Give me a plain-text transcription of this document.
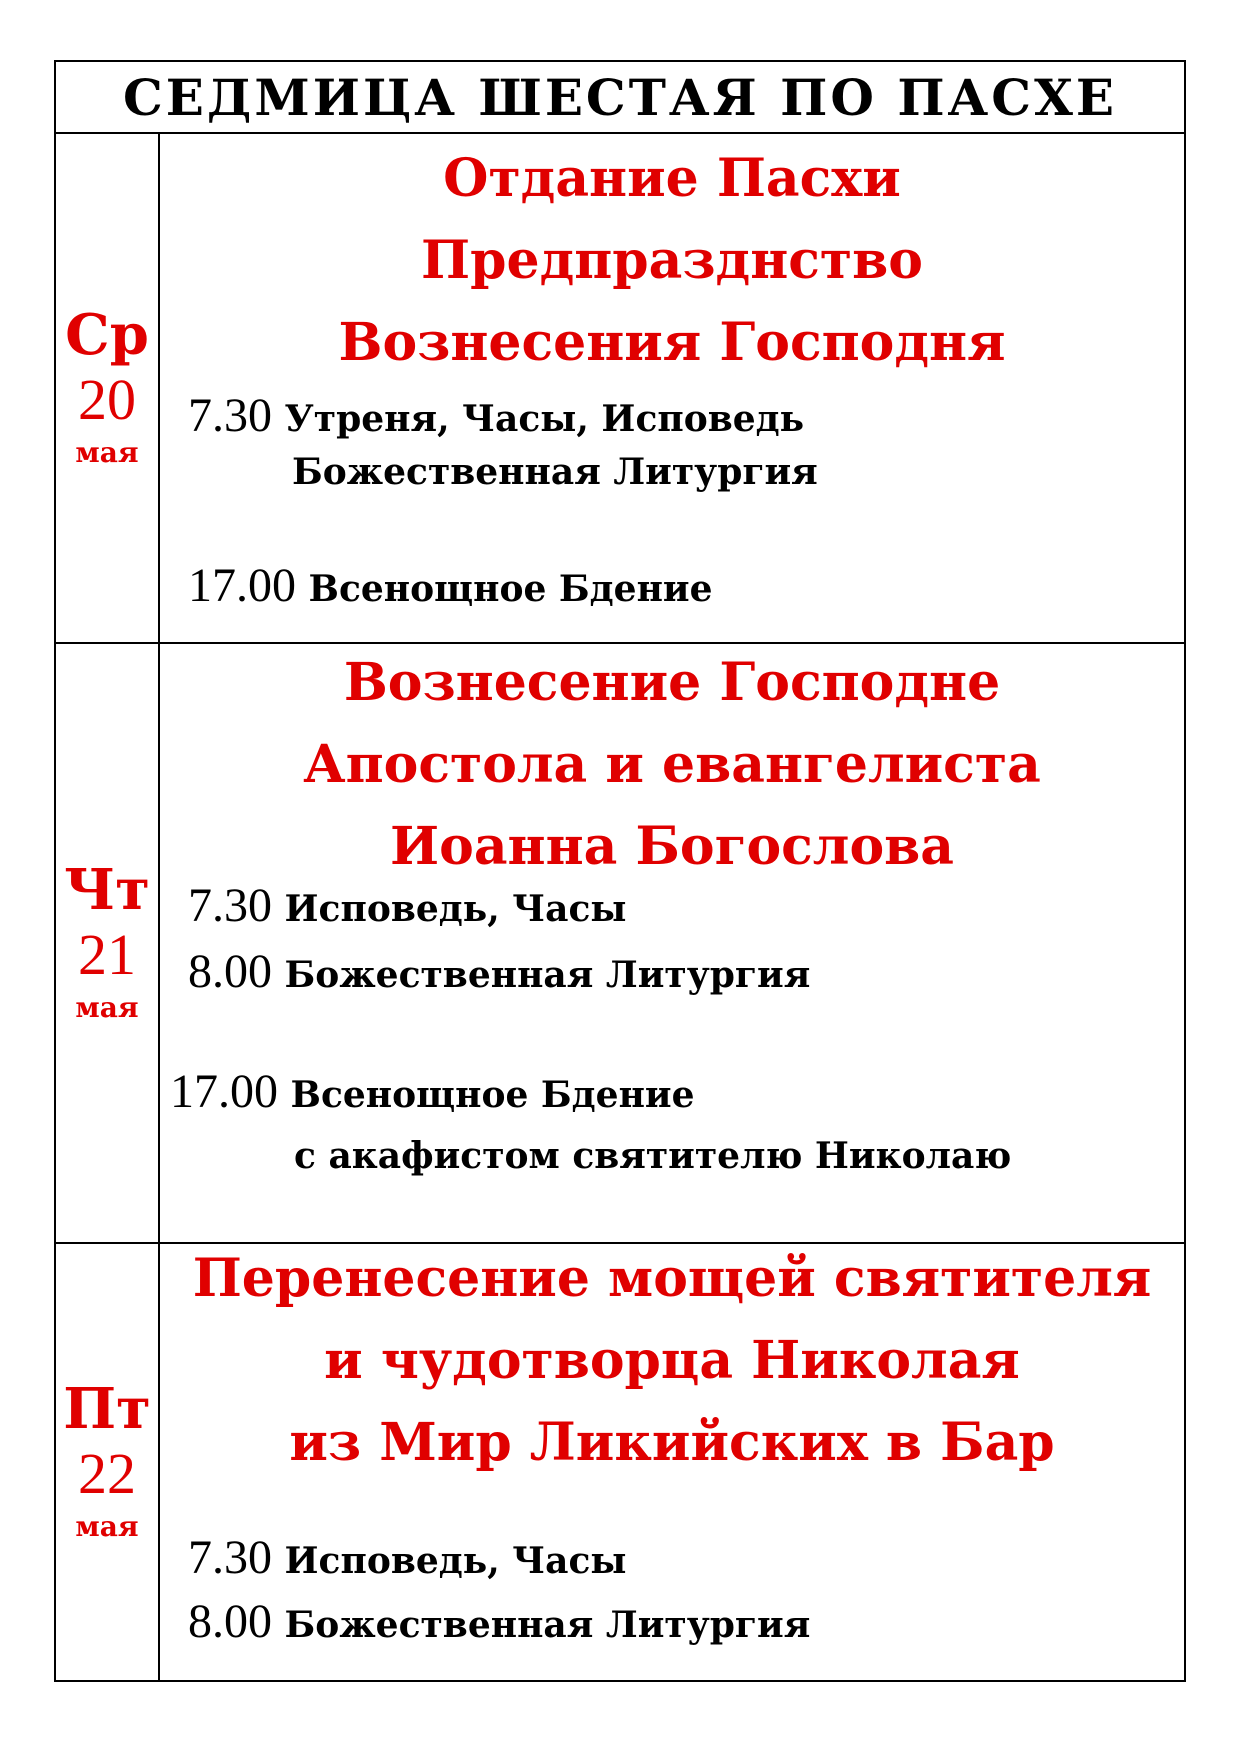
СЕДМИЦА ШЕСТАЯ ПО ПАСХЕ
Ср
20
мая
Отдание Пасхи
Предпразднство
Вознесения Господня
7.30 Утреня, Часы, Исповедь
Божественная Литургия
17.00 Всенощное Бдение
Чт
21
мая
Вознесение Господне
Апостола и евангелиста
Иоанна Богослова
7.30 Исповедь, Часы
8.00 Божественная Литургия
17.00 Всенощное Бдение
с акафистом святителю Николаю
Пт
22
мая
Перенесение мощей святителя
и чудотворца Николая
из Мир Ликийских в Бар
7.30 Исповедь, Часы
8.00 Божественная Литургия
